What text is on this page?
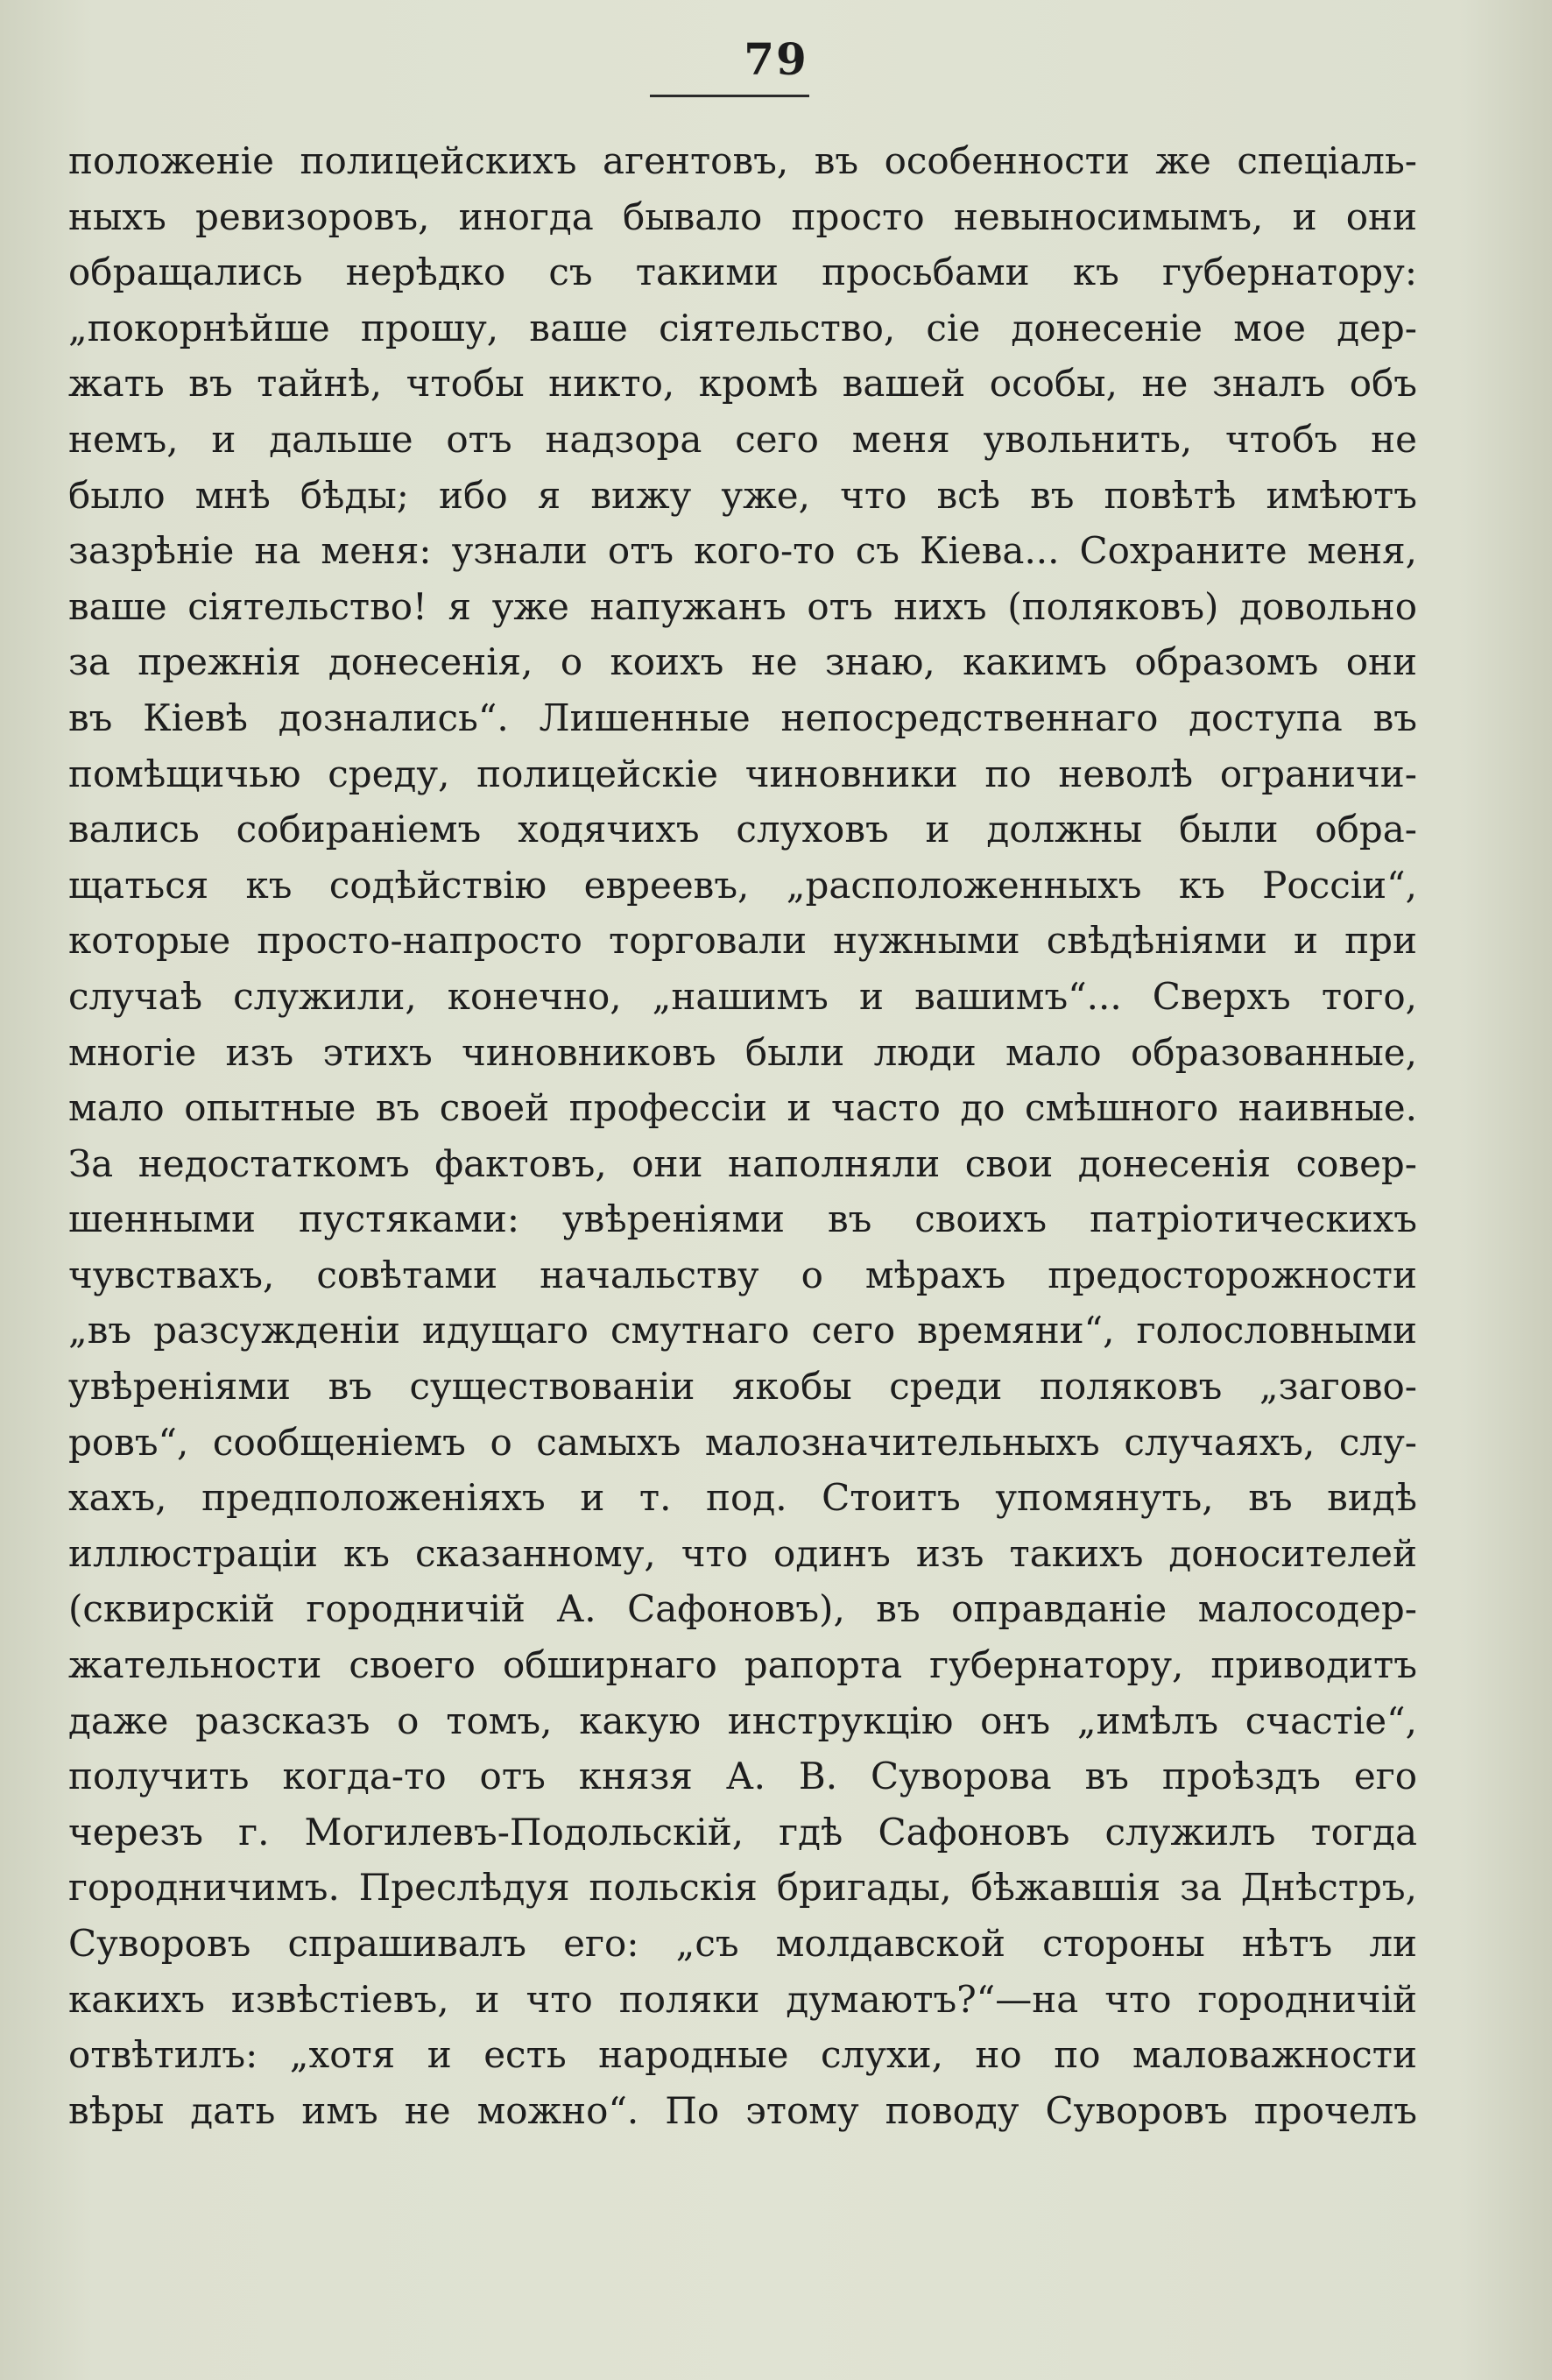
79
положеніе полицейскихъ агентовъ, въ особенности же спеціаль-
ныхъ ревизоровъ, иногда бывало просто невыносимымъ, и они
обращались нерѣдко съ такими просьбами къ губернатору:
„покорнѣйше прошу, ваше сіятельство, сіе донесеніе мое дер-
жать въ тайнѣ, чтобы никто, кромѣ вашей особы, не зналъ объ
немъ, и дальше отъ надзора сего меня увольнить, чтобъ не
было мнѣ бѣды; ибо я вижу уже, что всѣ въ повѣтѣ имѣютъ
зазрѣніе на меня: узнали отъ кого-то съ Кіева... Сохраните меня,
ваше сіятельство! я уже напужанъ отъ нихъ (поляковъ) довольно
за прежнія донесенія, о коихъ не знаю, какимъ образомъ они
въ Кіевѣ дознались“. Лишенные непосредственнаго доступа въ
помѣщичью среду, полицейскіе чиновники по неволѣ ограничи-
вались собираніемъ ходячихъ слуховъ и должны были обра-
щаться къ содѣйствію евреевъ, „расположенныхъ къ Россіи“,
которые просто-напросто торговали нужными свѣдѣніями и при
случаѣ служили, конечно, „нашимъ и вашимъ“... Сверхъ того,
многіе изъ этихъ чиновниковъ были люди мало образованные,
мало опытные въ своей профессіи и часто до смѣшного наивные.
За недостаткомъ фактовъ, они наполняли свои донесенія совер-
шенными пустяками: увѣреніями въ своихъ патріотическихъ
чувствахъ, совѣтами начальству о мѣрахъ предосторожности
„въ разсужденіи идущаго смутнаго сего времяни“, голословными
увѣреніями въ существованіи якобы среди поляковъ „загово-
ровъ“, сообщеніемъ о самыхъ малозначительныхъ случаяхъ, слу-
хахъ, предположеніяхъ и т. под. Стоитъ упомянуть, въ видѣ
иллюстраціи къ сказанному, что одинъ изъ такихъ доносителей
(сквирскій городничій А. Сафоновъ), въ оправданіе малосодер-
жательности своего обширнаго рапорта губернатору, приводитъ
даже разсказъ о томъ, какую инструкцію онъ „имѣлъ счастіе“,
получить когда-то отъ князя А. В. Суворова въ проѣздъ его
черезъ г. Могилевъ-Подольскій, гдѣ Сафоновъ служилъ тогда
городничимъ. Преслѣдуя польскія бригады, бѣжавшія за Днѣстръ,
Суворовъ спрашивалъ его: „съ молдавской стороны нѣтъ ли
какихъ извѣстіевъ, и что поляки думаютъ?“—на что городничій
отвѣтилъ: „хотя и есть народные слухи, но по маловажности
вѣры дать имъ не можно“. По этому поводу Суворовъ прочелъ
